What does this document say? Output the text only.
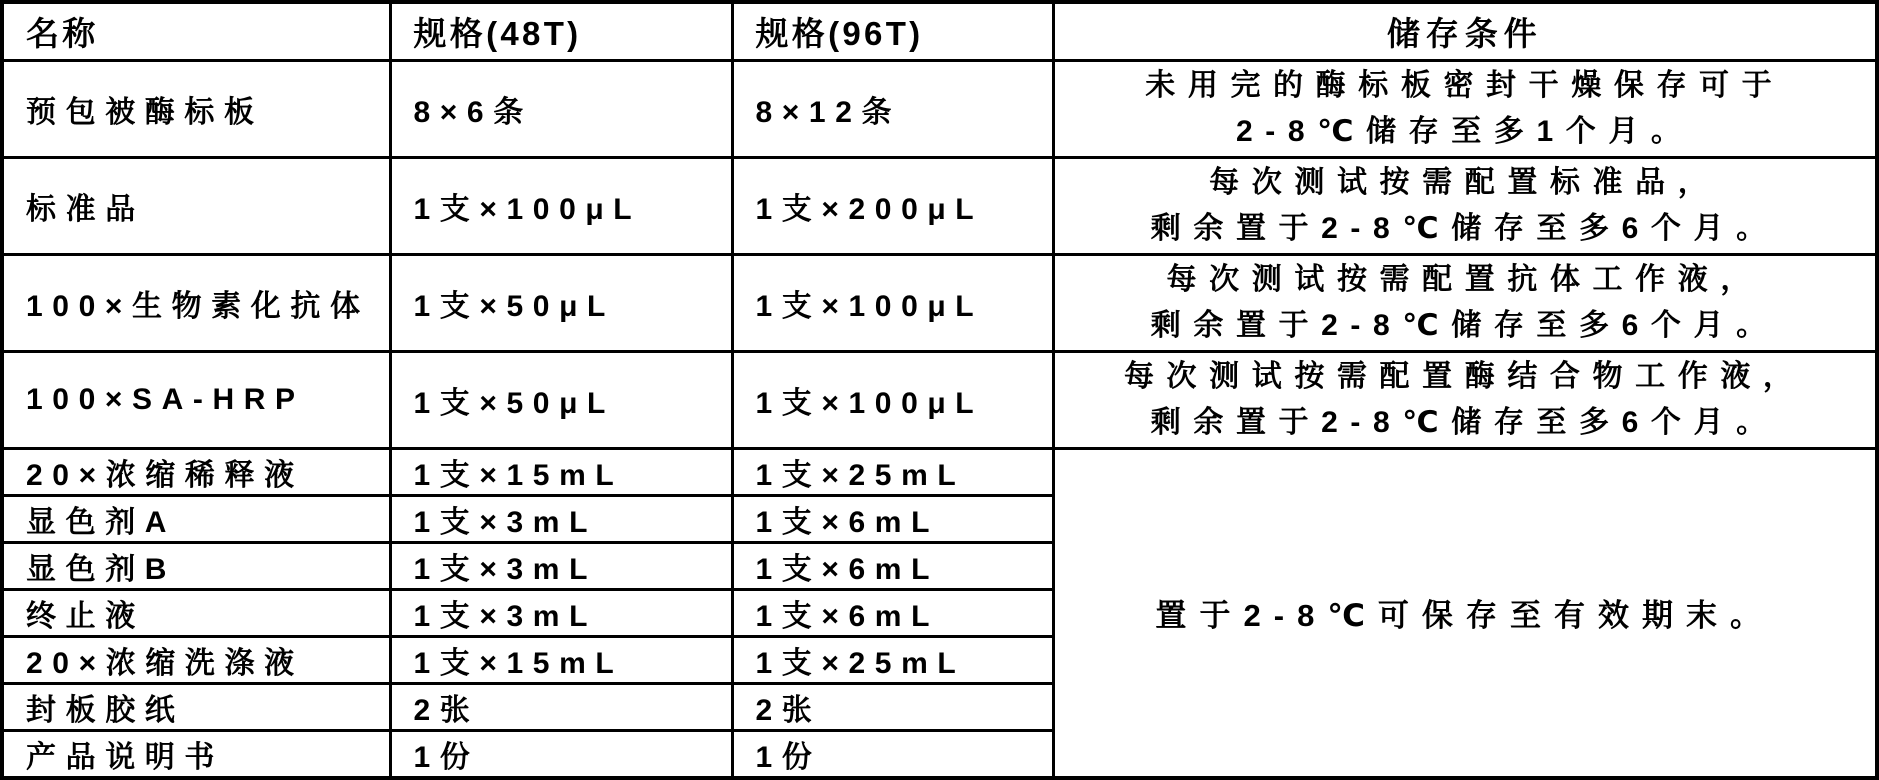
名称	规格(48T)	规格(96T)	储存条件
预包被酶标板	8×6条	8×12条	未用完的酶标板密封干燥保存可于
2-8℃储存至多1个月。

标准品	1支×100μL	1支×200μL	每次测试按需配置标准品，
剩余置于2-8℃储存至多6个月。

100×生物素化抗体	1支×50μL	1支×100μL	每次测试按需配置抗体工作液，
剩余置于2-8℃储存至多6个月。

100×SA-HRP	1支×50μL	1支×100μL	每次测试按需配置酶结合物工作液，
剩余置于2-8℃储存至多6个月。

20×浓缩稀释液	1支×15mL	1支×25mL	置于2-8℃可保存至有效期末。
显色剂A	1支×3mL	1支×6mL	
显色剂B	1支×3mL	1支×6mL	
终止液	1支×3mL	1支×6mL	
20×浓缩洗涤液	1支×15mL	1支×25mL	
封板胶纸	2张	2张	
产品说明书	1份	1份	
